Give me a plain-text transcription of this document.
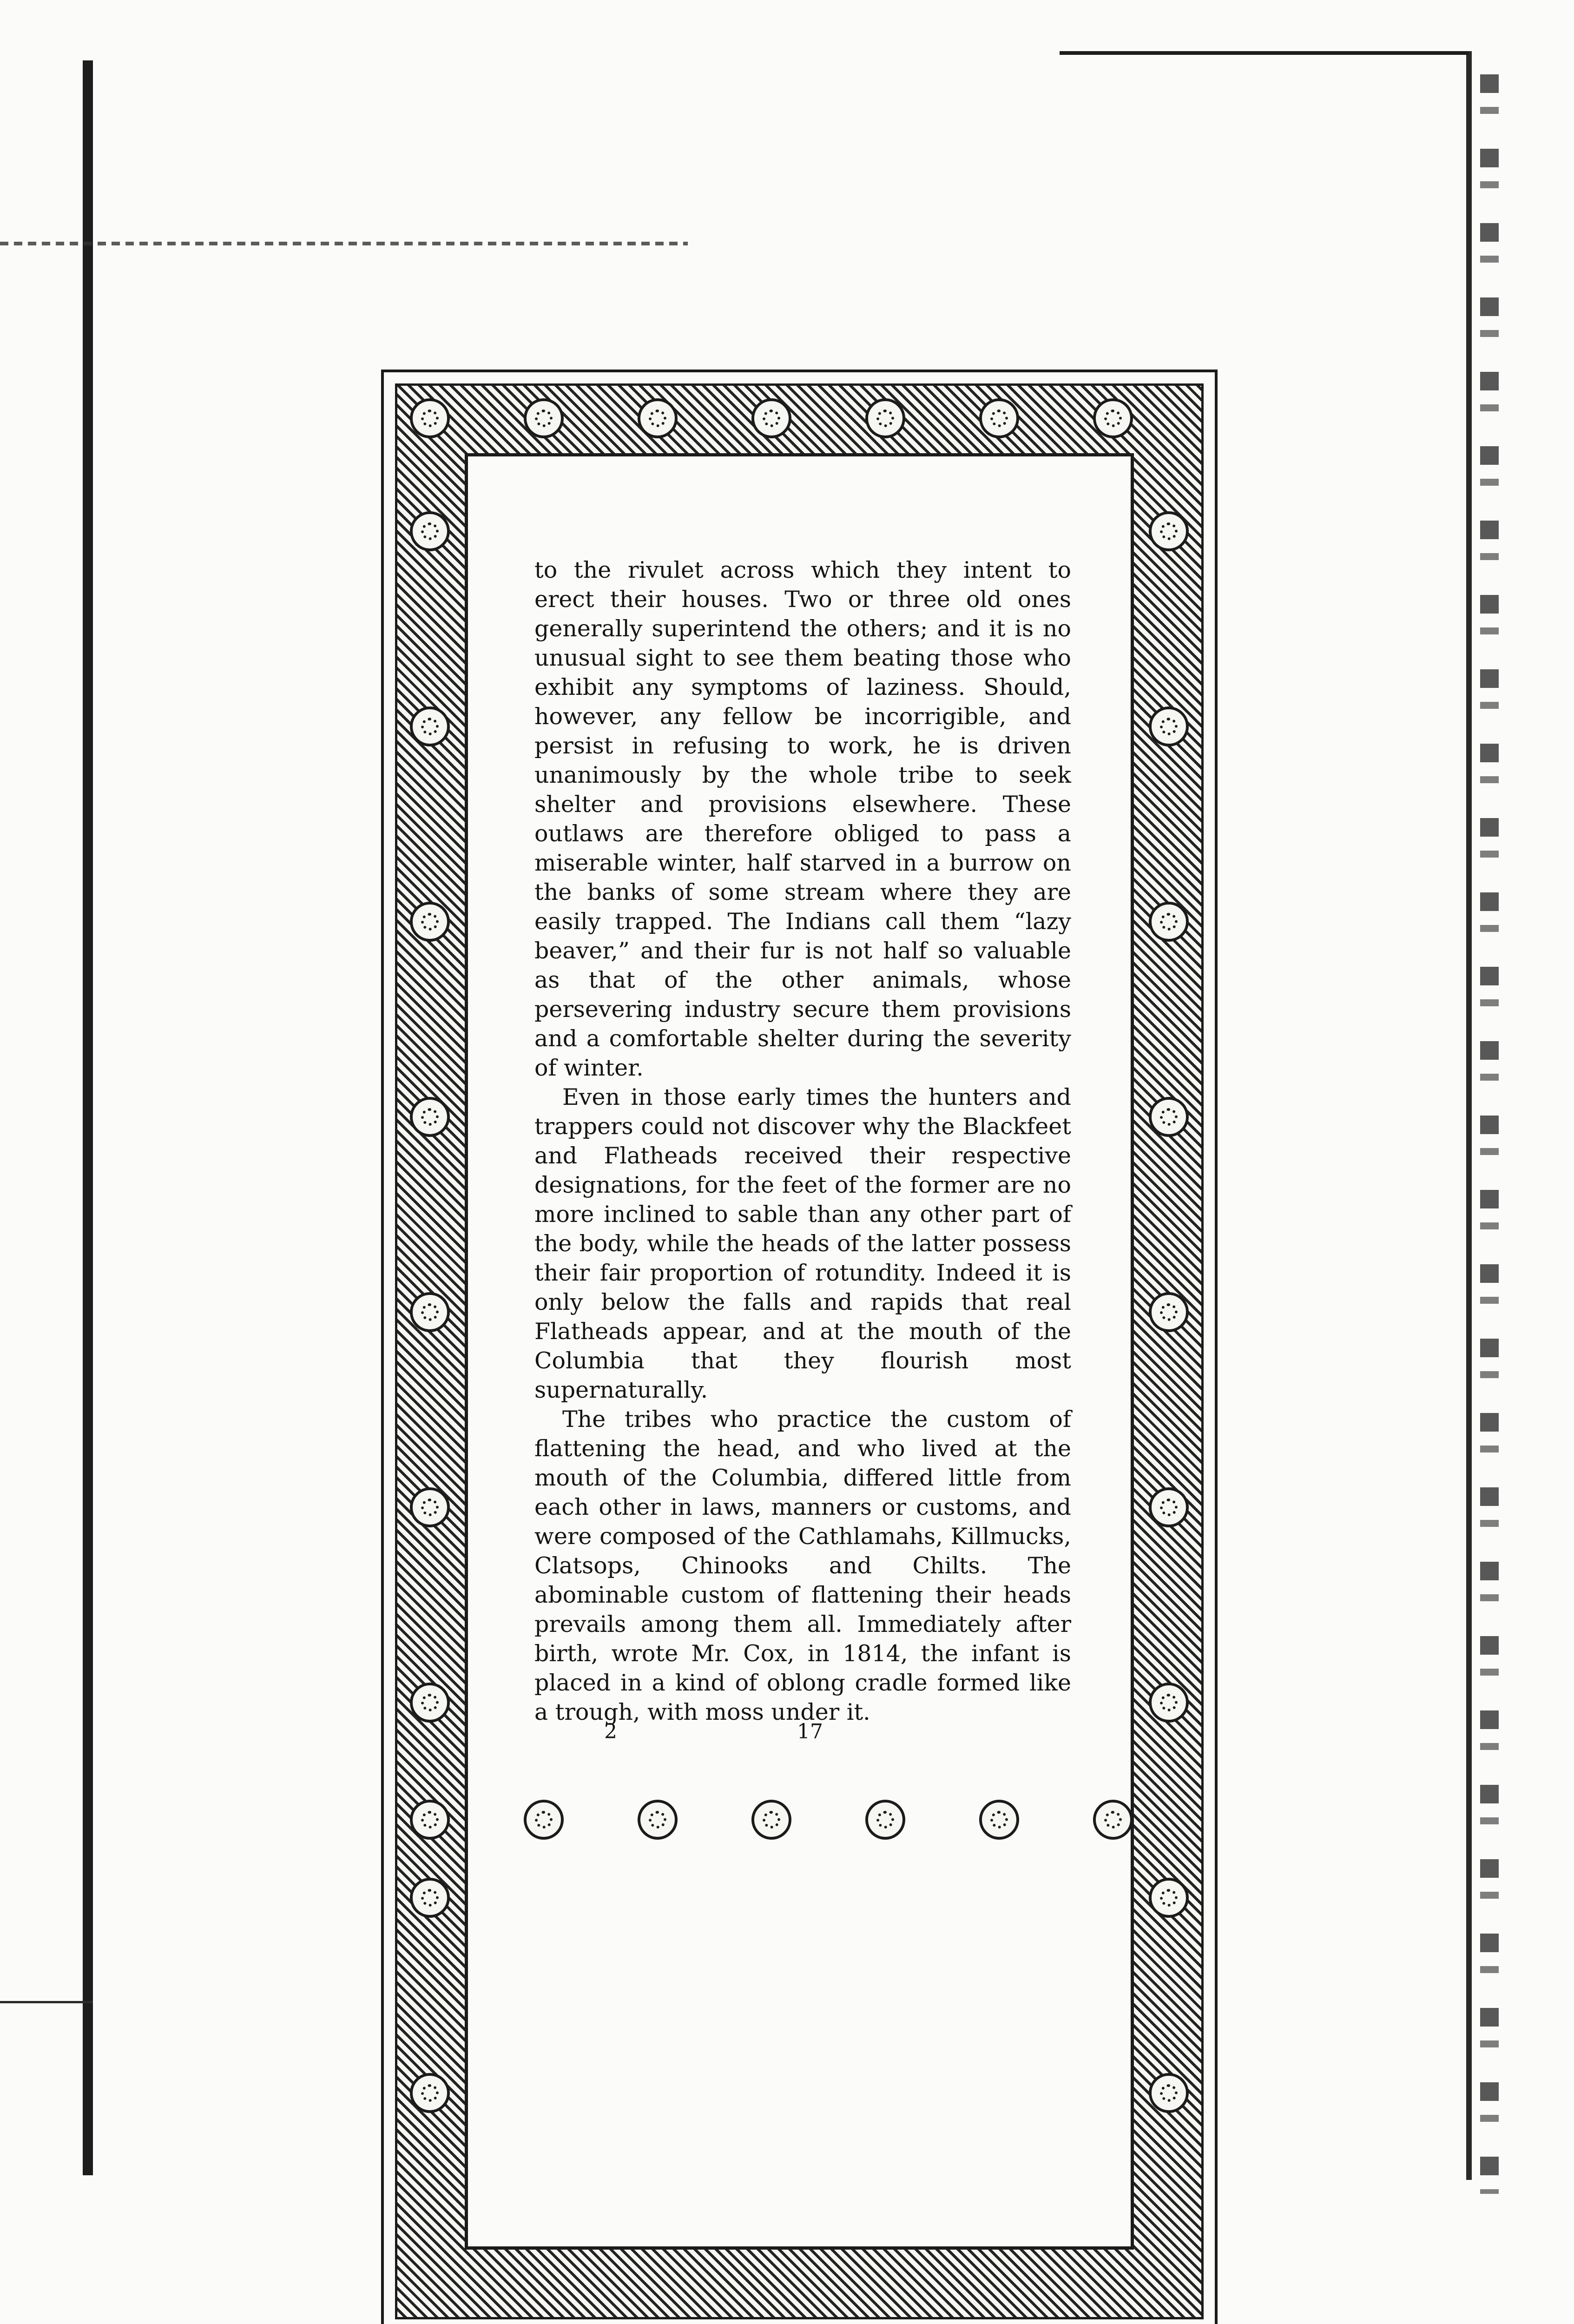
to the rivulet across which they intent to erect their houses. Two or three old ones generally superintend the others; and it is no unusual sight to see them beating those who exhibit any symptoms of laziness. Should, however, any fellow be incorrigible, and persist in refusing to work, he is driven unanimously by the whole tribe to seek shelter and provisions elsewhere. These outlaws are therefore obliged to pass a miserable winter, half starved in a burrow on the banks of some stream where they are easily trapped. The Indians call them “lazy beaver,” and their fur is not half so valuable as that of the other animals, whose persevering industry secure them provisions and a comfortable shelter during the severity of winter.

Even in those early times the hunters and trappers could not discover why the Blackfeet and Flatheads received their respective designations, for the feet of the former are no more inclined to sable than any other part of the body, while the heads of the latter possess their fair proportion of rotundity. Indeed it is only below the falls and rapids that real Flatheads appear, and at the mouth of the Columbia that they flourish most supernaturally.

The tribes who practice the custom of flattening the head, and who lived at the mouth of the Columbia, differed little from each other in laws, manners or customs, and were composed of the Cathlamahs, Killmucks, Clatsops, Chinooks and Chilts. The abominable custom of flattening their heads prevails among them all. Immediately after birth, wrote Mr. Cox, in 1814, the infant is placed in a kind of oblong cradle formed like a trough, with moss under it.

2	17
